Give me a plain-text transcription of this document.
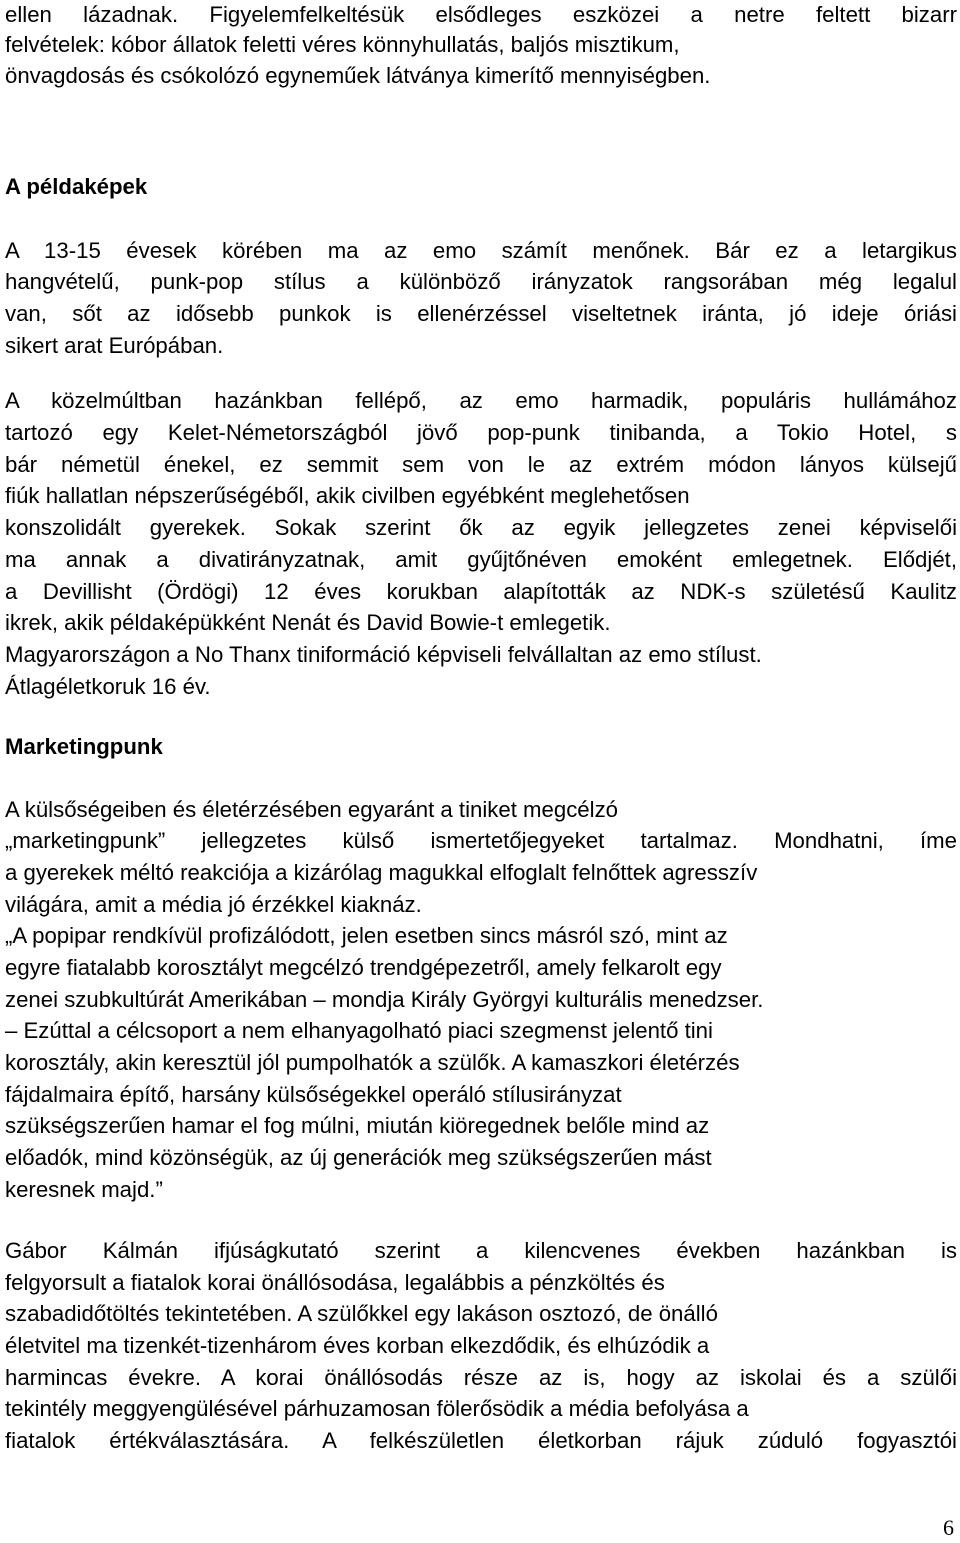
ellen lázadnak. Figyelemfelkeltésük elsődleges eszközei a netre feltett bizarr

felvételek: kóbor állatok feletti véres könnyhullatás, baljós misztikum,

önvagdosás és csókolózó egyneműek látványa kimerítő mennyiségben.

A példaképek

A 13-15 évesek körében ma az emo számít menőnek. Bár ez a letargikus

hangvételű, punk-pop stílus a különböző irányzatok rangsorában még legalul

van, sőt az idősebb punkok is ellenérzéssel viseltetnek iránta, jó ideje óriási

sikert arat Európában.

A közelmúltban hazánkban fellépő, az emo harmadik, populáris hullámához

tartozó egy Kelet-Németországból jövő pop-punk tinibanda, a Tokio Hotel, s

bár németül énekel, ez semmit sem von le az extrém módon lányos külsejű

fiúk hallatlan népszerűségéből, akik civilben egyébként meglehetősen

konszolidált gyerekek. Sokak szerint ők az egyik jellegzetes zenei képviselői

ma annak a divatirányzatnak, amit gyűjtőnéven emoként emlegetnek. Elődjét,

a Devillisht (Ördögi) 12 éves korukban alapították az NDK-s születésű Kaulitz

ikrek, akik példaképükként Nenát és David Bowie-t emlegetik.

Magyarországon a No Thanx tiniformáció képviseli felvállaltan az emo stílust.

Átlagéletkoruk 16 év.

Marketingpunk

A külsőségeiben és életérzésében egyaránt a tiniket megcélzó

„marketingpunk” jellegzetes külső ismertetőjegyeket tartalmaz. Mondhatni, íme

a gyerekek méltó reakciója a kizárólag magukkal elfoglalt felnőttek agresszív

világára, amit a média jó érzékkel kiaknáz.

„A popipar rendkívül profizálódott, jelen esetben sincs másról szó, mint az

egyre fiatalabb korosztályt megcélzó trendgépezetről, amely felkarolt egy

zenei szubkultúrát Amerikában – mondja Király Györgyi kulturális menedzser.

– Ezúttal a célcsoport a nem elhanyagolható piaci szegmenst jelentő tini

korosztály, akin keresztül jól pumpolhatók a szülők. A kamaszkori életérzés

fájdalmaira építő, harsány külsőségekkel operáló stílusirányzat

szükségszerűen hamar el fog múlni, miután kiöregednek belőle mind az

előadók, mind közönségük, az új generációk meg szükségszerűen mást

keresnek majd.”

Gábor Kálmán ifjúságkutató szerint a kilencvenes években hazánkban is

felgyorsult a fiatalok korai önállósodása, legalábbis a pénzköltés és

szabadidőtöltés tekintetében. A szülőkkel egy lakáson osztozó, de önálló

életvitel ma tizenkét-tizenhárom éves korban elkezdődik, és elhúzódik a

harmincas évekre. A korai önállósodás része az is, hogy az iskolai és a szülői

tekintély meggyengülésével párhuzamosan fölerősödik a média befolyása a

fiatalok értékválasztására. A felkészületlen életkorban rájuk zúduló fogyasztói

6
